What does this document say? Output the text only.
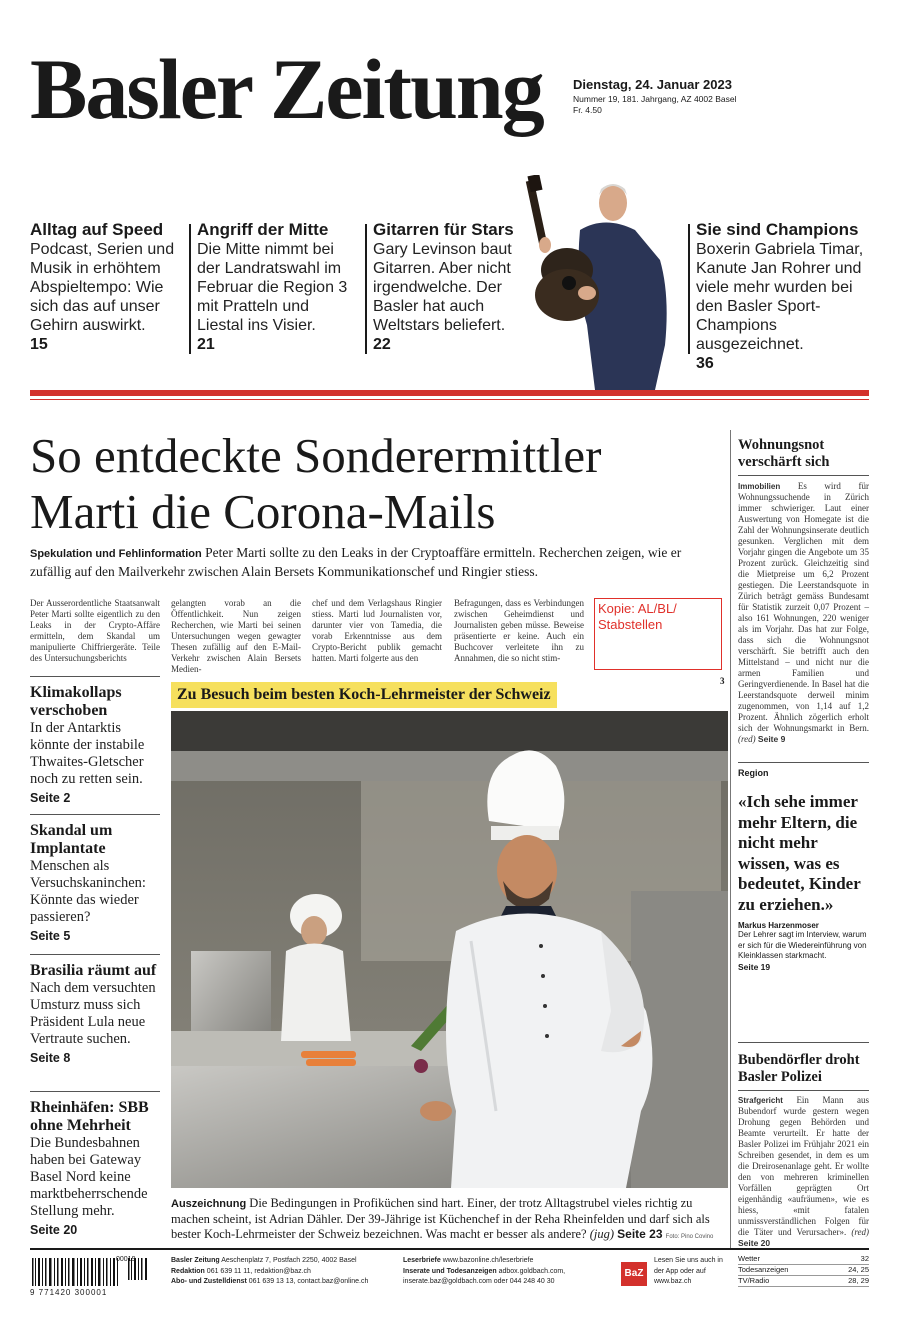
Basler Zeitung Dienstag, 24. Januar 2023
Nummer 19, 181. Jahrgang, AZ 4002 Basel
Fr. 4.50
Alltag auf Speed

Podcast, Serien und Musik in erhöhtem Abspieltempo: Wie sich das auf unser Gehirn auswirkt.

15
Angriff der Mitte

Die Mitte nimmt bei der Landratswahl im Februar die Region 3 mit Pratteln und Liestal ins Visier.

21
Gitarren für Stars

Gary Levinson baut Gitarren. Aber nicht irgendwelche. Der Basler hat auch Weltstars beliefert.

22
Sie sind Champions

Boxerin Gabriela Timar, Kanute Jan Rohrer und viele mehr wurden bei den Basler Sport-Champions ausgezeichnet.

36
So entdeckte Sonderermittler
Marti die Corona-Mails
Spekulation und Fehlinformation Peter Marti sollte zu den Leaks in der Cryptoaffäre ermitteln. Recherchen zeigen, wie er zufällig auf den Mailverkehr zwischen Alain Bersets Kommunikationschef und Ringier stiess.
Der Ausserordentliche Staatsanwalt Peter Marti sollte eigentlich zu den Leaks in der Crypto-Affäre ermitteln, dem Skandal um manipulierte Chiffriergeräte. Teile des Untersuchungsberichts
gelangten vorab an die Öffentlichkeit. Nun zeigen Recherchen, wie Marti bei seinen Untersuchungen wegen gewagter Thesen zufällig auf den E-Mail-Verkehr zwischen Alain Bersets Medien-
chef und dem Verlagshaus Ringier stiess. Marti lud Journalisten vor, darunter vier von Tamedia, die vorab Erkenntnisse aus dem Crypto-Bericht publik gemacht hatten. Marti folgerte aus den
Befragungen, dass es Verbindungen zwischen Geheimdienst und Journalisten geben müsse. Beweise präsentierte er keine. Auch ein Buchcover verleitete ihn zu Annahmen, die so nicht stim-
3
Kopie: AL/BL/ Stabstellen
Klimakollaps verschoben

In der Antarktis könnte der instabile Thwaites-Gletscher noch zu retten sein.

Seite 2
Skandal um Implantate

Menschen als Versuchskaninchen: Könnte das wieder passieren?

Seite 5
Brasilia räumt auf

Nach dem versuchten Umsturz muss sich Präsident Lula neue Vertraute suchen.

Seite 8
Rheinhäfen: SBB ohne Mehrheit

Die Bundesbahnen haben bei Gateway Basel Nord keine marktbeherrschende Stellung mehr.

Seite 20
Zu Besuch beim besten Koch-Lehrmeister der Schweiz
Auszeichnung Die Bedingungen in Profiküchen sind hart. Einer, der trotz Alltagstrubel vieles richtig zu machen scheint, ist Adrian Dähler. Der 39-Jährige ist Küchenchef in der Reha Rheinfelden und darf sich als bester Koch-Lehrmeister der Schweiz bezeichnen. Was macht er besser als andere? (jug) Seite 23 Foto: Pino Covino
Wohnungsnot verschärft sich
Immobilien Es wird für Wohnungssuchende in Zürich immer schwieriger. Laut einer Auswertung von Homegate ist die Zahl der Wohnungsinserate deutlich gesunken. Verglichen mit dem Vorjahr gingen die Angebote um 35 Prozent zurück. Gleichzeitig sind die Mietpreise um 6,2 Prozent gestiegen. Die Leerstandsquote in Zürich beträgt gemäss Bundesamt für Statistik zurzeit 0,07 Prozent – also 161 Wohnungen, 220 weniger als im Vorjahr. Das hat zur Folge, dass sich die Wohnungsnot verschärft. Sie betrifft auch den Mittelstand – und nicht nur die armen Familien und Geringverdienende. In Basel hat die Leerstandsquote derweil minim zugenommen, von 1,14 auf 1,2 Prozent. Ähnlich zögerlich erholt sich der Wohnungsmarkt in Bern. (red) Seite 9
Region
«Ich sehe immer mehr Eltern, die nicht mehr wissen, was es bedeutet, Kinder zu erziehen.»
Markus Harzenmoser
Der Lehrer sagt im Interview, warum er sich für die Wiedereinführung von Kleinklassen starkmacht.
Seite 19
Bubendörfler droht Basler Polizei
Strafgericht Ein Mann aus Bubendorf wurde gestern wegen Drohung gegen Behörden und Beamte verurteilt. Er hatte der Basler Polizei im Frühjahr 2021 ein Schreiben gesendet, in dem es um die Dreirosenanlage geht. Er wollte den von mehreren kriminellen Vorfällen geprägten Ort eigenhändig «aufräumen», wie es hiess, «mit fatalen unmissverständlichen Folgen für die Täter und Verursacher». (red) Seite 20
9 771420 300001
00019	Basler Zeitung Aeschenplatz 7, Postfach 2250, 4002 Basel
Redaktion 061 639 11 11, redaktion@baz.ch
Abo- und Zustelldienst 061 639 13 13, contact.baz@online.ch
Leserbriefe www.bazonline.ch/leserbriefe
Inserate und Todesanzeigen adbox.goldbach.com, inserate.baz@goldbach.com oder 044 248 40 30
BaZ
Lesen Sie uns auch in der App oder auf www.baz.ch
Wetter	32
Todesanzeigen	24, 25
TV/Radio	28, 29
